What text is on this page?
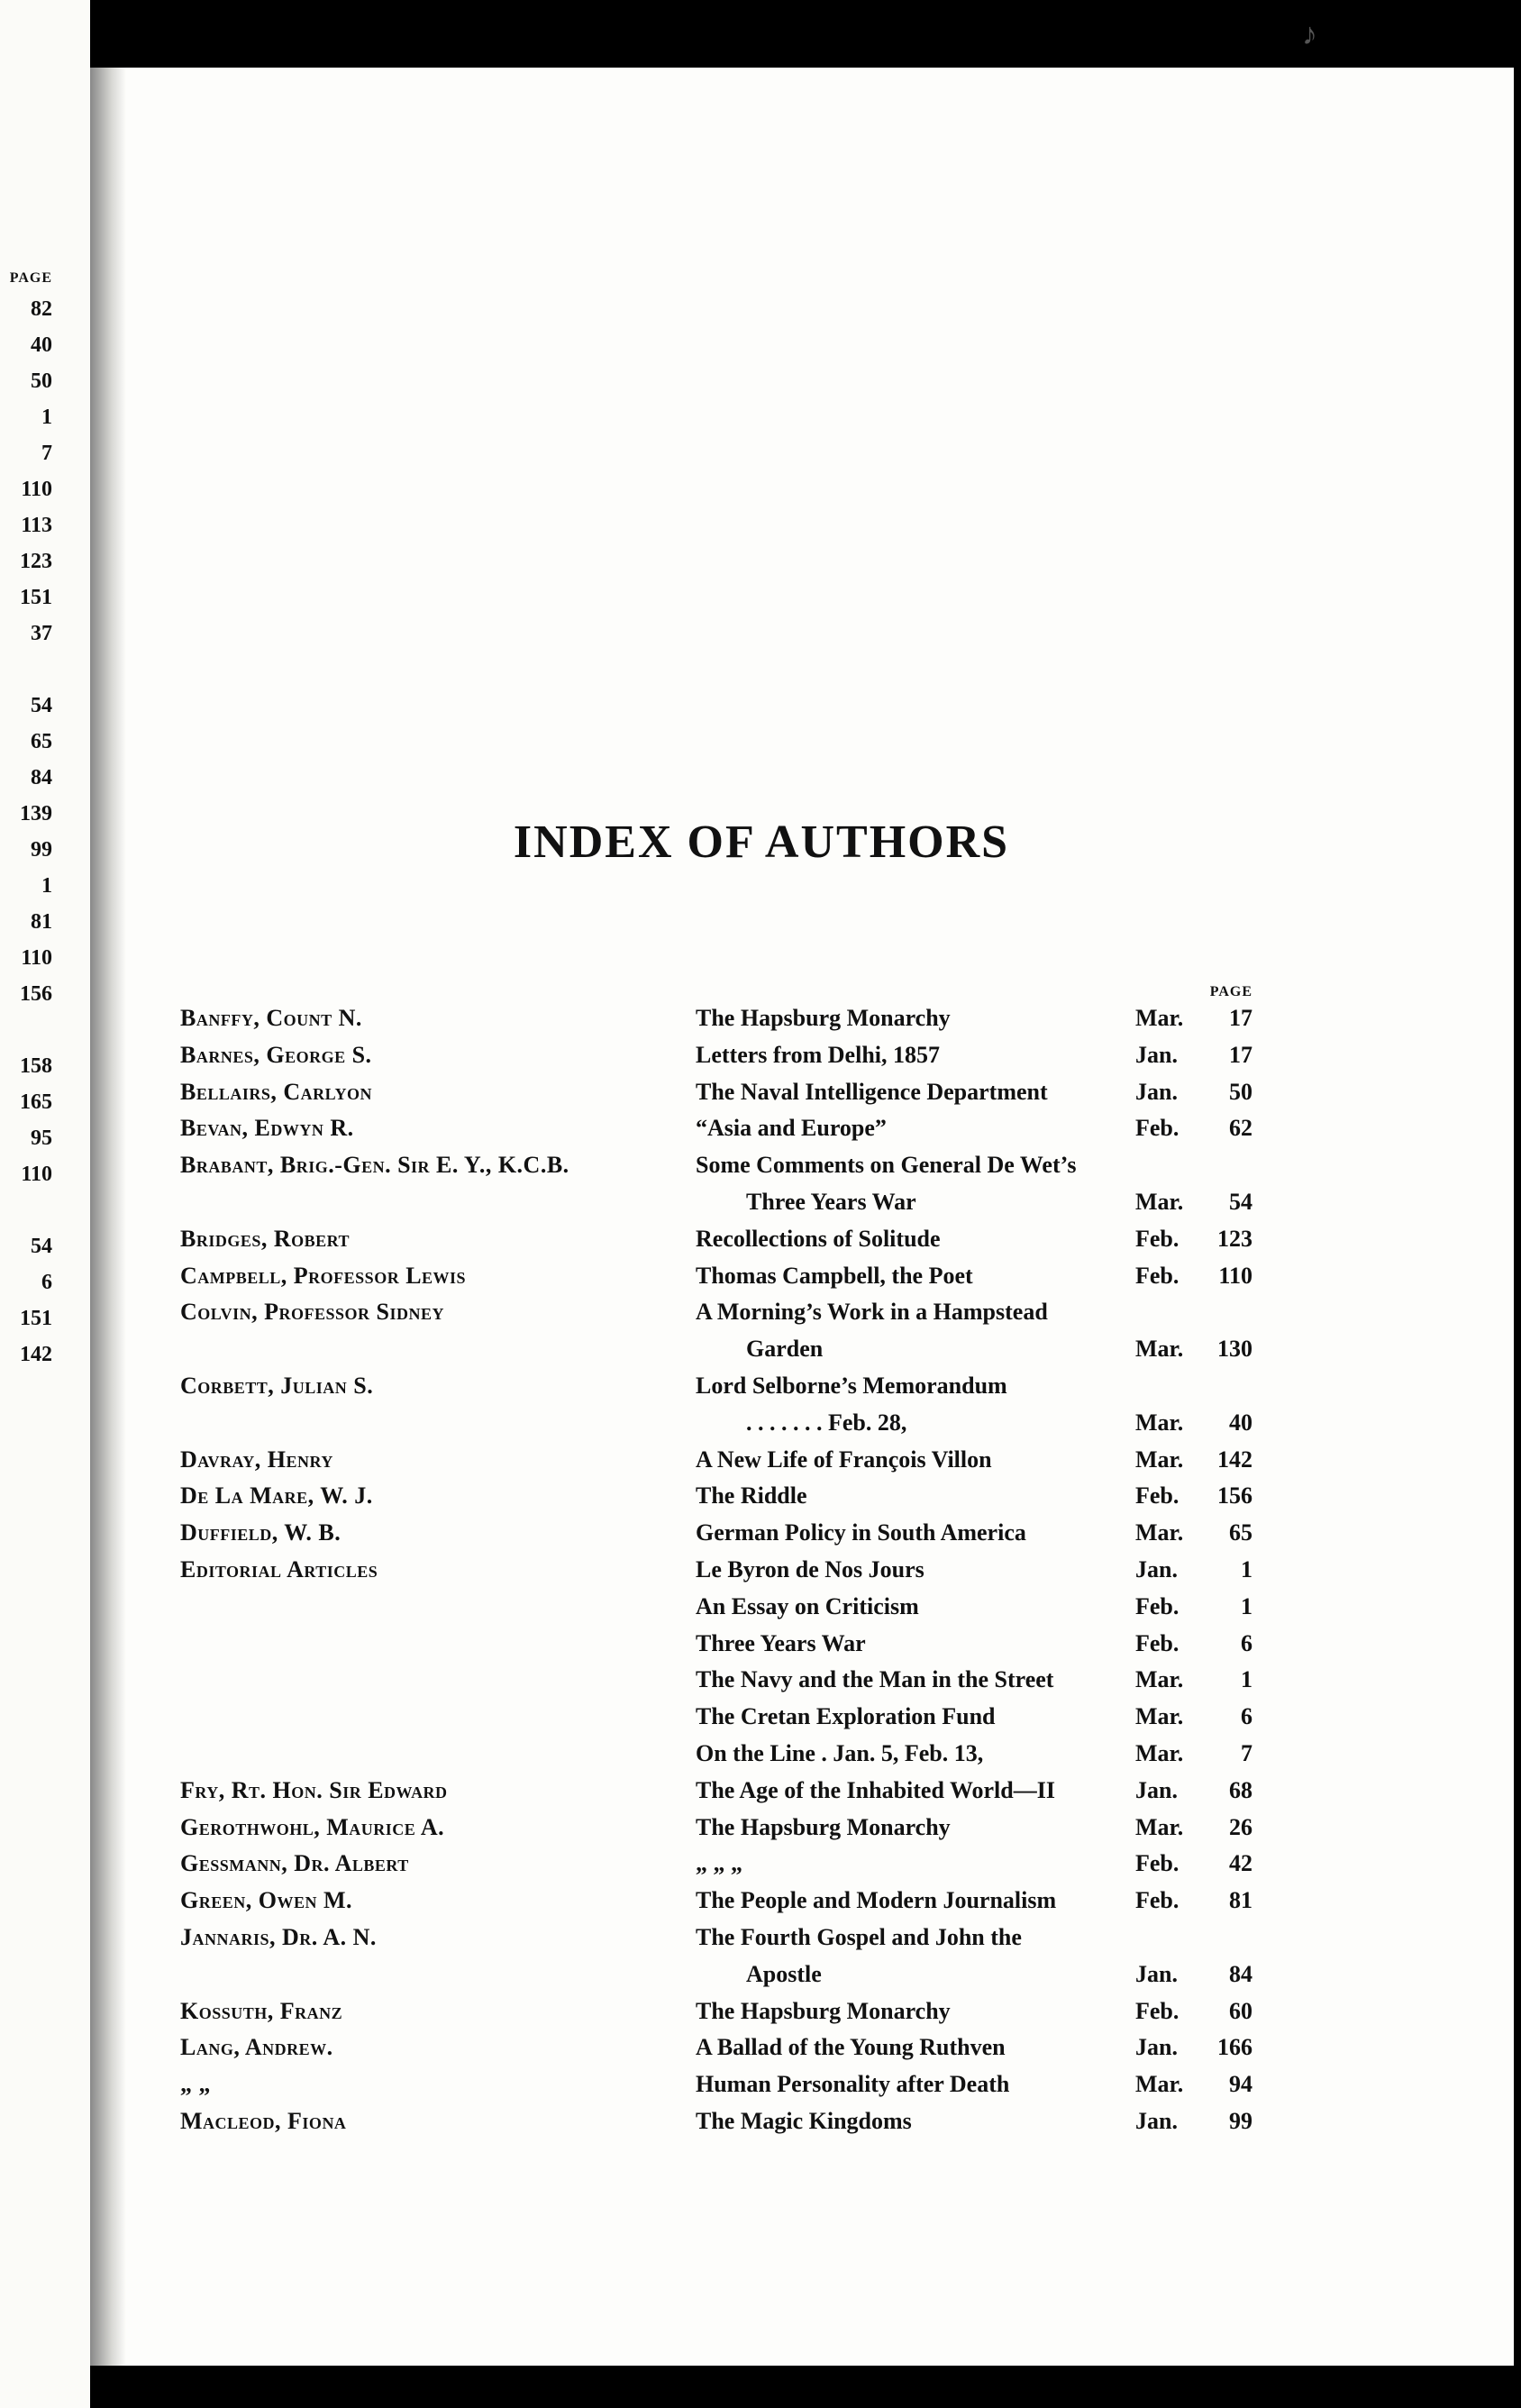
PAGE
82
40
50
1
7
110
113
123
151
37
54
65
84
139
99
1
81
110
156
158
165
95
110
54
6
151
142
♪
INDEX OF AUTHORS
PAGE
Banffy, Count N.	The Hapsburg Monarchy	Mar.	17
Barnes, George S.	Letters from Delhi, 1857	Jan.	17
Bellairs, Carlyon	The Naval Intelligence Department	Jan.	50
Bevan, Edwyn R.	“Asia and Europe”	Feb.	62
Brabant, Brig.-Gen. Sir E. Y., K.C.B.	Some Comments on General De Wet’s
Three Years War	Mar.	54
Bridges, Robert	Recollections of Solitude	Feb.	123
Campbell, Professor Lewis	Thomas Campbell, the Poet	Feb.	110
Colvin, Professor Sidney	A Morning’s Work in a Hampstead
Garden	Mar.	130
Corbett, Julian S.	Lord Selborne’s Memorandum
. . . . . . . Feb. 28,	Mar.	40
Davray, Henry	A New Life of François Villon	Mar.	142
De La Mare, W. J.	The Riddle	Feb.	156
Duffield, W. B.	German Policy in South America	Mar.	65
Editorial Articles	Le Byron de Nos Jours	Jan.	1
An Essay on Criticism	Feb.	1
Three Years War	Feb.	6
The Navy and the Man in the Street	Mar.	1
The Cretan Exploration Fund	Mar.	6
On the Line . Jan. 5, Feb. 13,	Mar.	7
Fry, Rt. Hon. Sir Edward	The Age of the Inhabited World—II	Jan.	68
Gerothwohl, Maurice A.	The Hapsburg Monarchy	Mar.	26
Gessmann, Dr. Albert	„ „ „	Feb.	42
Green, Owen M.	The People and Modern Journalism	Feb.	81
Jannaris, Dr. A. N.	The Fourth Gospel and John the
Apostle	Jan.	84
Kossuth, Franz	The Hapsburg Monarchy	Feb.	60
Lang, Andrew.	A Ballad of the Young Ruthven	Jan.	166
„ „	Human Personality after Death	Mar.	94
Macleod, Fiona	The Magic Kingdoms	Jan.	99
